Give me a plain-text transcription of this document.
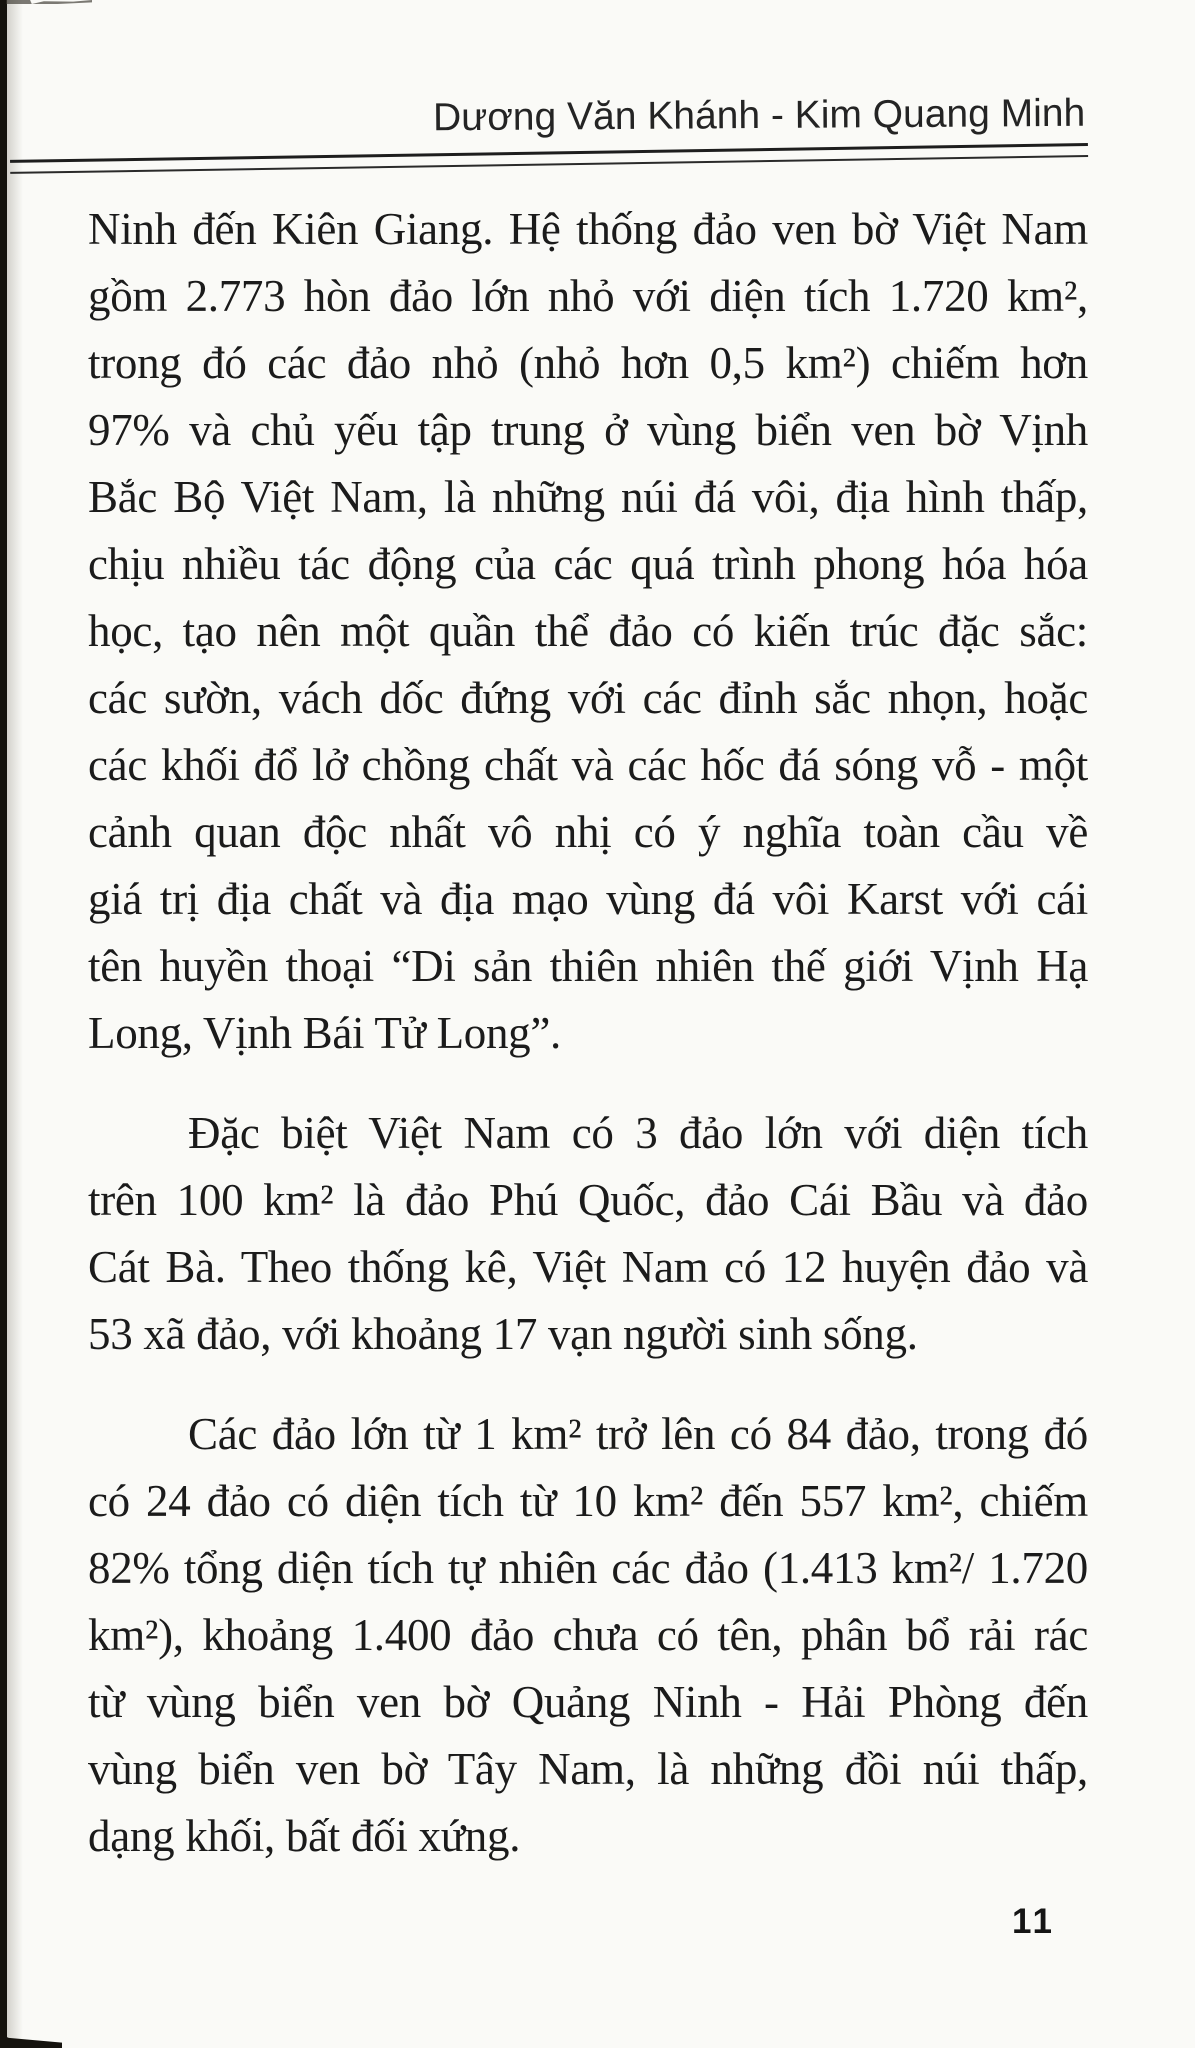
Dương Văn Khánh - Kim Quang Minh
Ninh đến Kiên Giang. Hệ thống đảo ven bờ Việt Nam
gồm 2.773 hòn đảo lớn nhỏ với diện tích 1.720 km²,
trong đó các đảo nhỏ (nhỏ hơn 0,5 km²) chiếm hơn
97% và chủ yếu tập trung ở vùng biển ven bờ Vịnh
Bắc Bộ Việt Nam, là những núi đá vôi, địa hình thấp,
chịu nhiều tác động của các quá trình phong hóa hóa
học, tạo nên một quần thể đảo có kiến trúc đặc sắc:
các sườn, vách dốc đứng với các đỉnh sắc nhọn, hoặc
các khối đổ lở chồng chất và các hốc đá sóng vỗ - một
cảnh quan độc nhất vô nhị có ý nghĩa toàn cầu về
giá trị địa chất và địa mạo vùng đá vôi Karst với cái
tên huyền thoại “Di sản thiên nhiên thế giới Vịnh Hạ
Long, Vịnh Bái Tử Long”.
Đặc biệt Việt Nam có 3 đảo lớn với diện tích
trên 100 km² là đảo Phú Quốc, đảo Cái Bầu và đảo
Cát Bà. Theo thống kê, Việt Nam có 12 huyện đảo và
53 xã đảo, với khoảng 17 vạn người sinh sống.
Các đảo lớn từ 1 km² trở lên có 84 đảo, trong đó
có 24 đảo có diện tích từ 10 km² đến 557 km², chiếm
82% tổng diện tích tự nhiên các đảo (1.413 km²/ 1.720
km²), khoảng 1.400 đảo chưa có tên, phân bổ rải rác
từ vùng biển ven bờ Quảng Ninh - Hải Phòng đến
vùng biển ven bờ Tây Nam, là những đồi núi thấp,
dạng khối, bất đối xứng.
11
